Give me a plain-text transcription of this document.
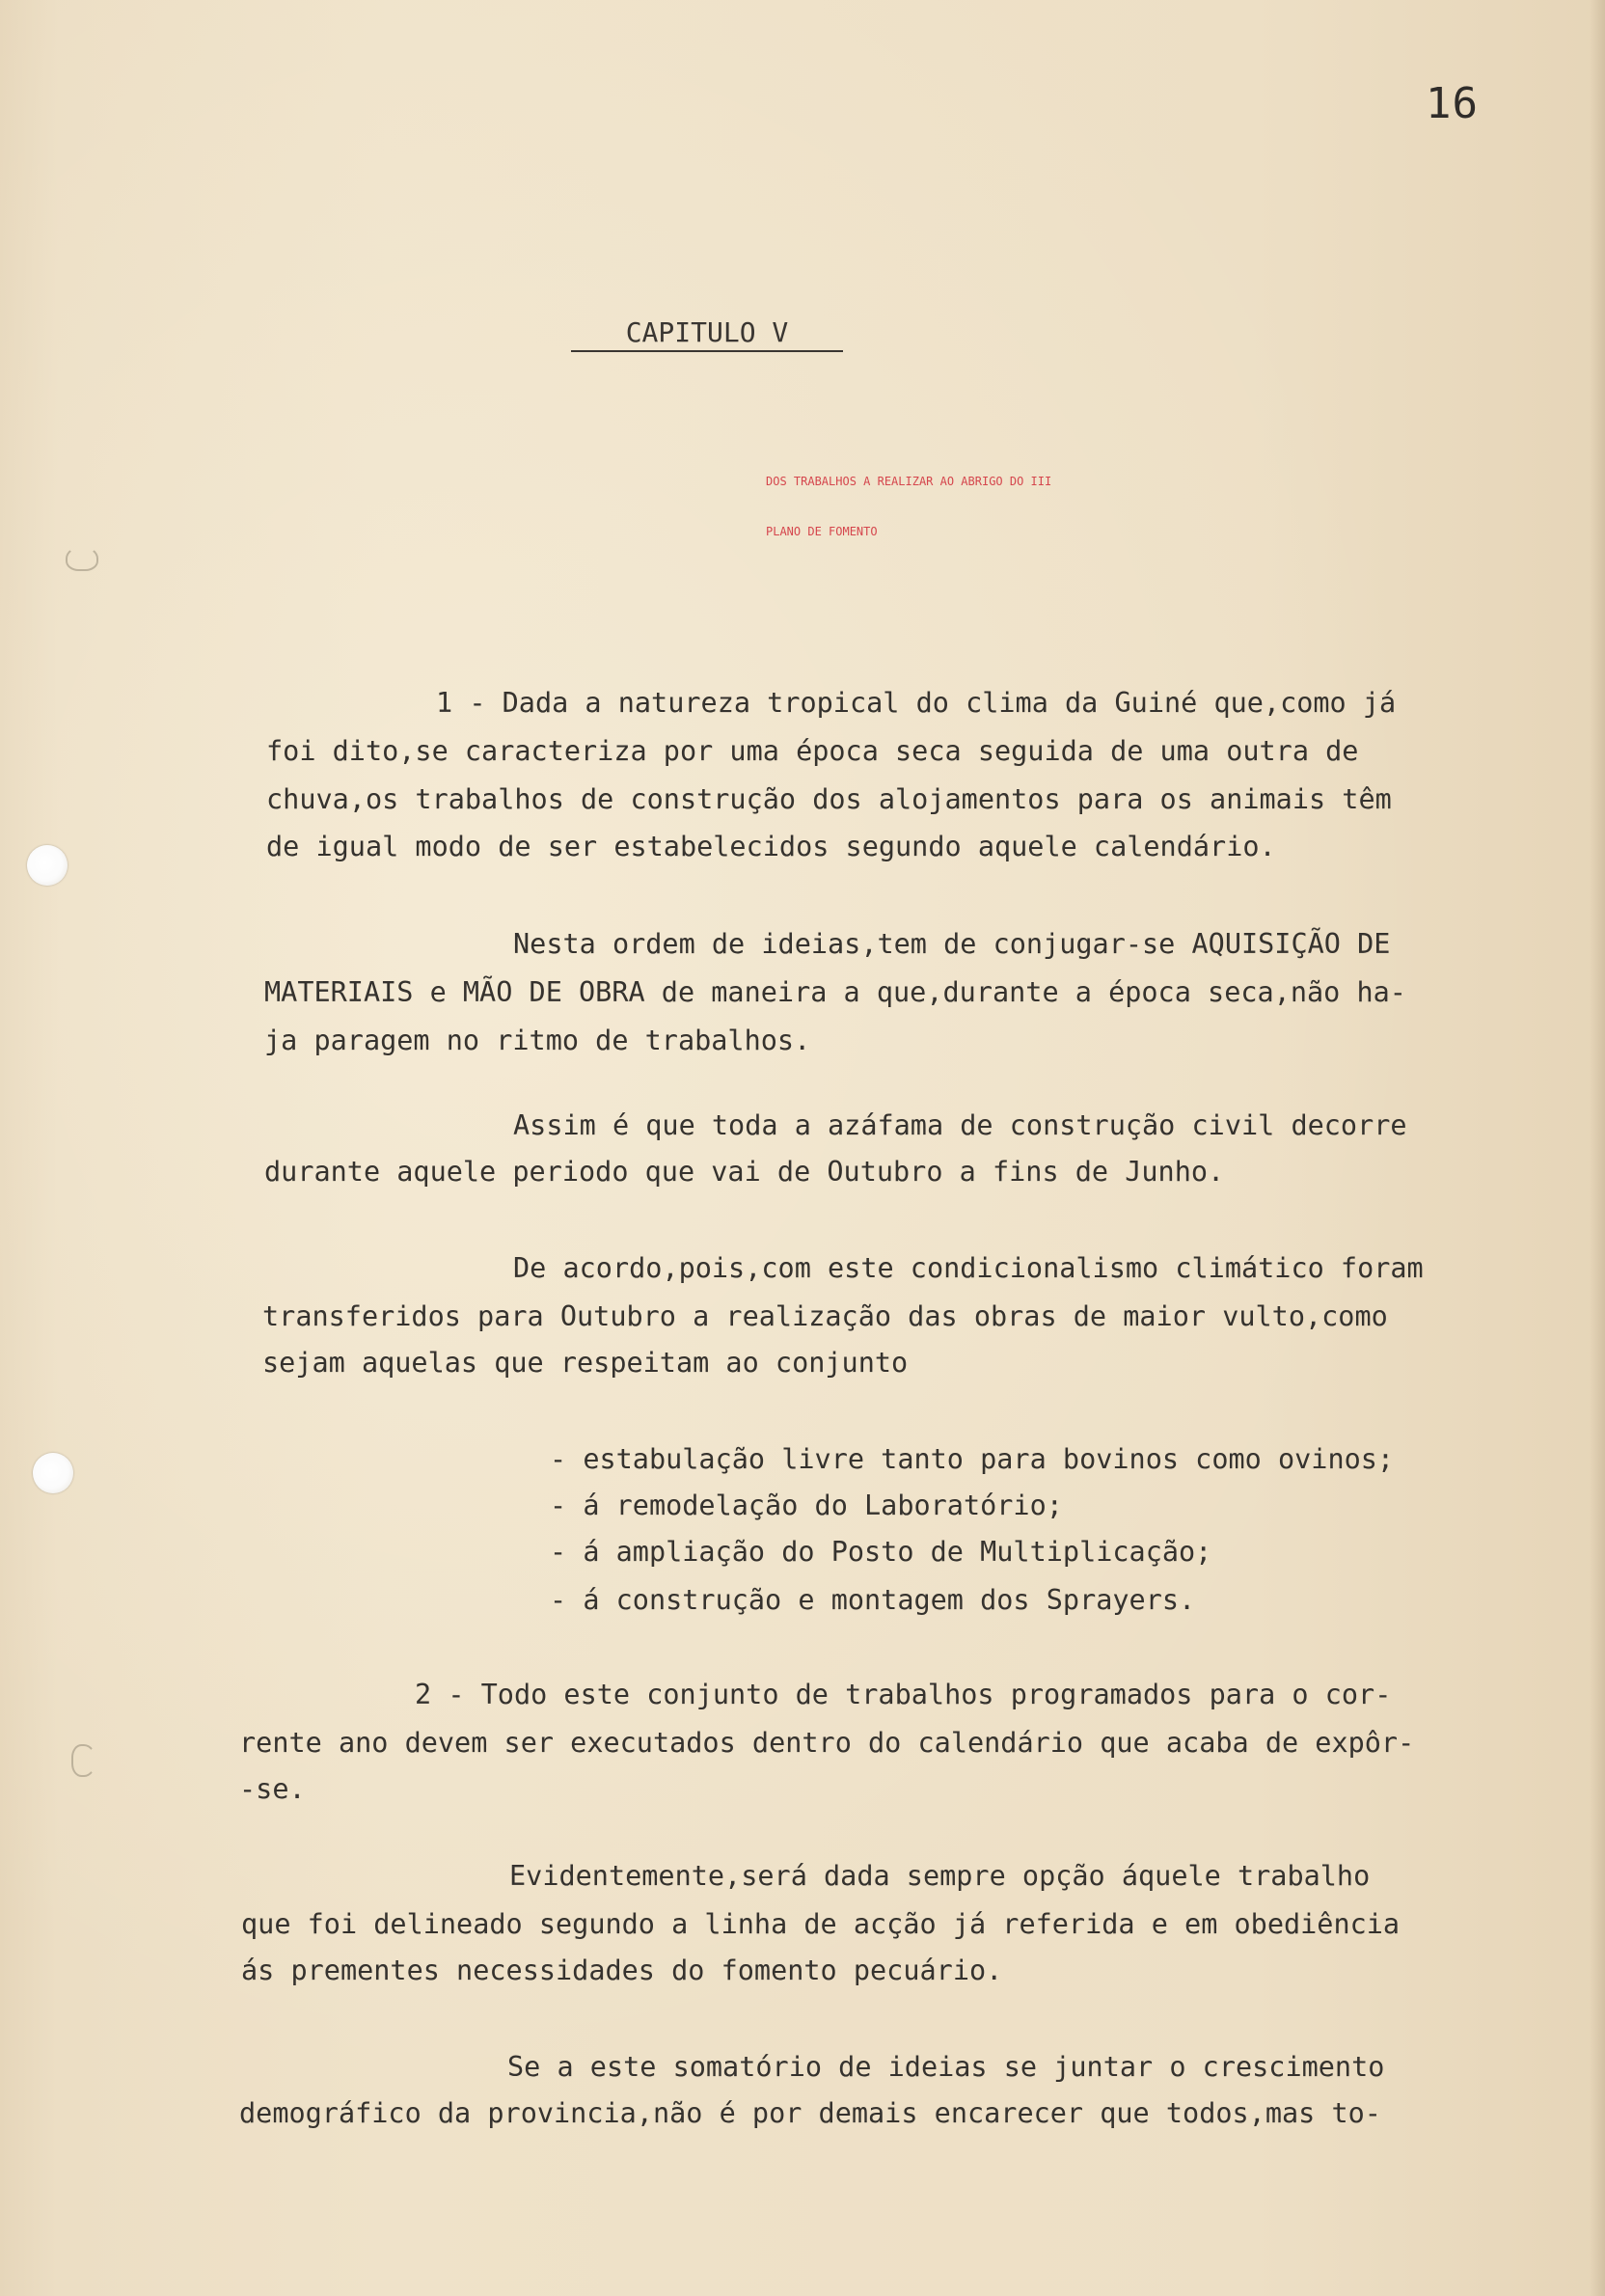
16
CAPITULO V
DOS TRABALHOS A REALIZAR AO ABRIGO DO III
PLANO DE FOMENTO
1 - Dada a natureza tropical do clima da Guiné que,como já
foi dito,se caracteriza por uma época seca seguida de uma outra de
chuva,os trabalhos de construção dos alojamentos para os animais têm
de igual modo de ser estabelecidos segundo aquele calendário.
Nesta ordem de ideias,tem de conjugar-se AQUISIÇÃO DE
MATERIAIS e MÃO DE OBRA de maneira a que,durante a época seca,não ha-
ja paragem no ritmo de trabalhos.
Assim é que toda a azáfama de construção civil decorre
durante aquele periodo que vai de Outubro a fins de Junho.
De acordo,pois,com este condicionalismo climático foram
transferidos para Outubro a realização das obras de maior vulto,como
sejam aquelas que respeitam ao conjunto
- estabulação livre tanto para bovinos como ovinos;
- á remodelação do Laboratório;
- á ampliação do Posto de Multiplicação;
- á construção e montagem dos Sprayers.
2 - Todo este conjunto de trabalhos programados para o cor-
rente ano devem ser executados dentro do calendário que acaba de expôr-
-se.
Evidentemente,será dada sempre opção áquele trabalho
que foi delineado segundo a linha de acção já referida e em obediência
ás prementes necessidades do fomento pecuário.
Se a este somatório de ideias se juntar o crescimento
demográfico da provincia,não é por demais encarecer que todos,mas to-
